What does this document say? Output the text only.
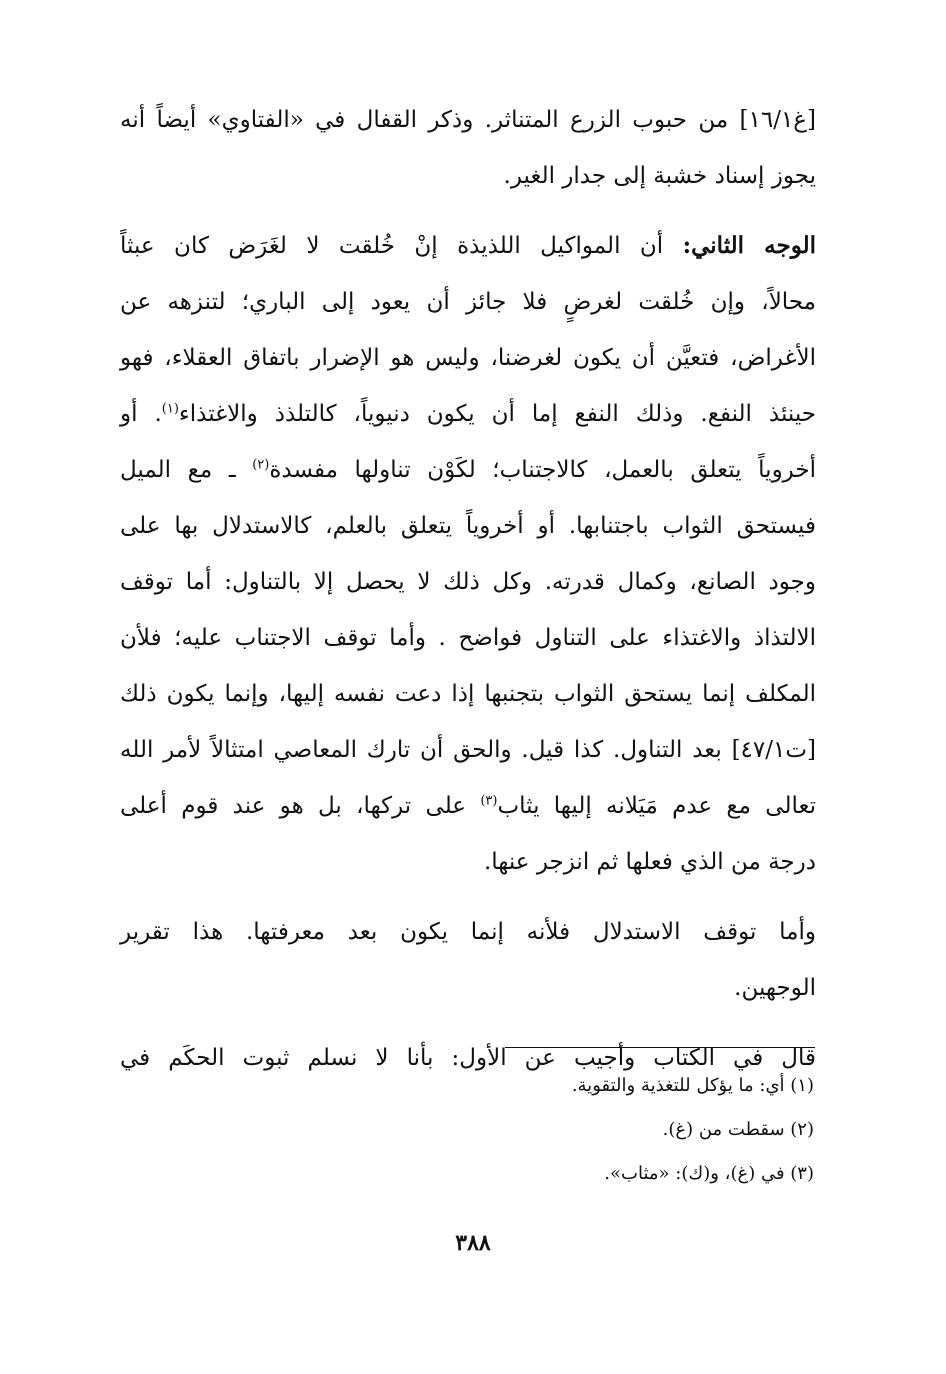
[غ١٦/١] من حبوب الزرع المتناثر. وذكر القفال في «الفتاوي» أيضاً أنه
يجوز إسناد خشبة إلى جدار الغير.
الوجه الثاني: أن المواكيل اللذيذة إنْ خُلقت لا لغَرَض كان عبثاً
محالاً، وإن خُلقت لغرضٍ فلا جائز أن يعود إلى الباري؛ لتنزهه عن
الأغراض، فتعيَّن أن يكون لغرضنا، وليس هو الإضرار باتفاق العقلاء، فهو
حينئذ النفع. وذلك النفع إما أن يكون دنيوياً، كالتلذذ والاغتذاء$^{(١)}$. أو
أخروياً يتعلق بالعمل، كالاجتناب؛ لكَوْن تناولها مفسدة$^{(٢)}$ ـ مع الميل
فيستحق الثواب باجتنابها. أو أخروياً يتعلق بالعلم، كالاستدلال بها على
وجود الصانع، وكمال قدرته. وكل ذلك لا يحصل إلا بالتناول: أما توقف
الالتذاذ والاغتذاء على التناول فواضح . وأما توقف الاجتناب عليه؛ فلأن
المكلف إنما يستحق الثواب بتجنبها إذا دعت نفسه إليها، وإنما يكون ذلك
[ت٤٧/١] بعد التناول. كذا قيل. والحق أن تارك المعاصي امتثالاً لأمر الله
تعالى مع عدم مَيَلانه إليها يثاب$^{(٣)}$ على تركها، بل هو عند قوم أعلى
درجة من الذي فعلها ثم انزجر عنها.
وأما توقف الاستدلال فلأنه إنما يكون بعد معرفتها. هذا تقرير
الوجهين.
قال في الكتاب وأجيب عن الأول: بأنا لا نسلم ثبوت الحكَم في
(١) أي: ما يؤكل للتغذية والتقوية.
(٢) سقطت من (غ).
(٣) في (غ)، و(ك): «مثاب».
٣٨٨
